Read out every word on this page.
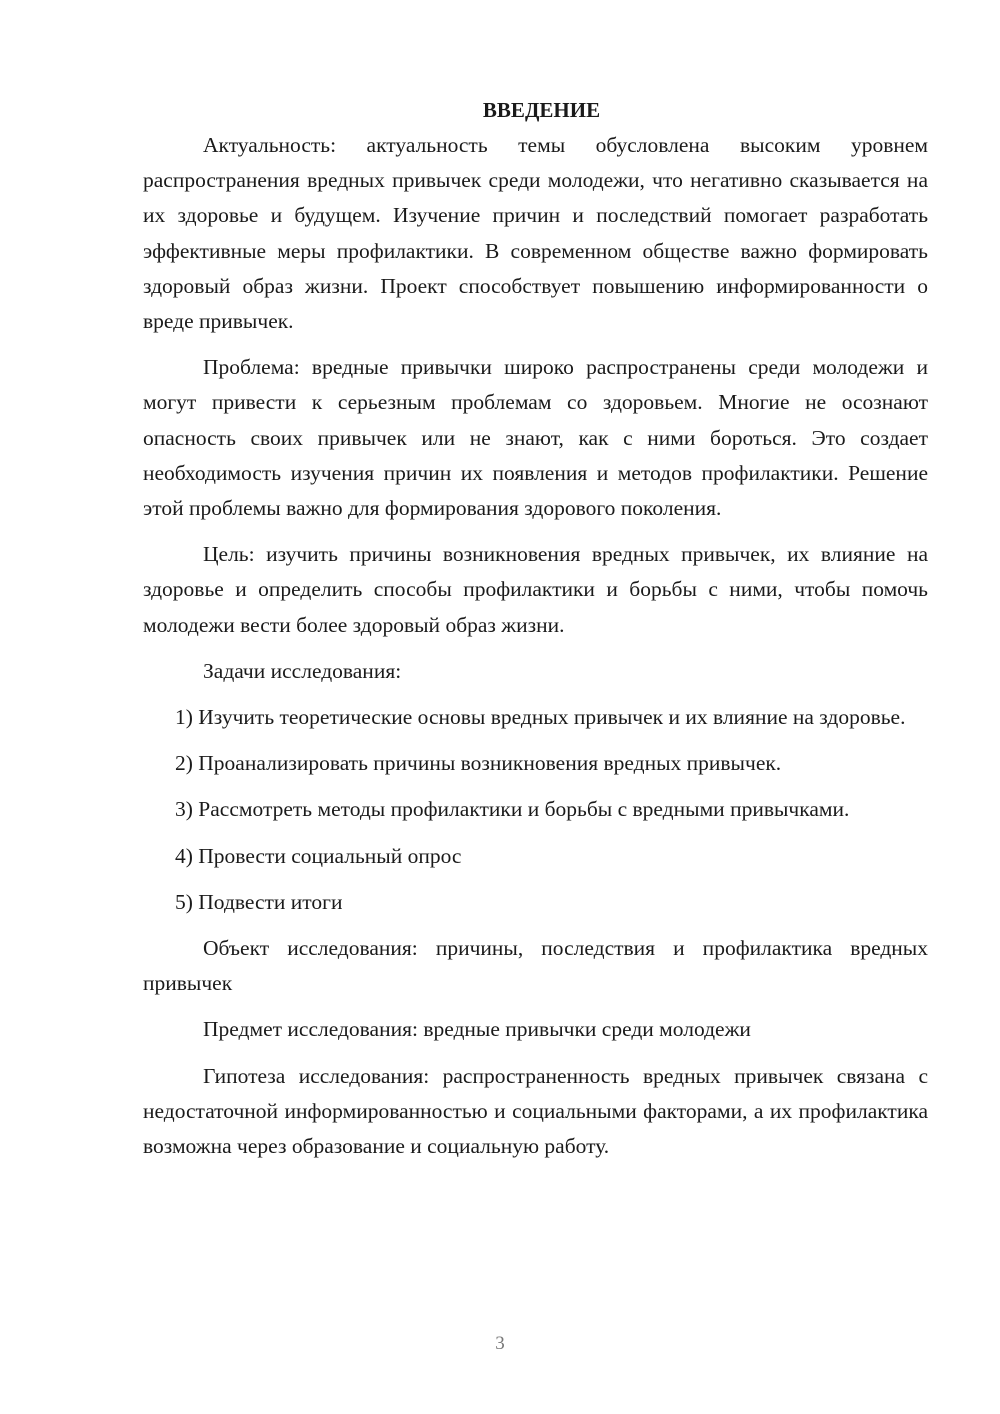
ВВЕДЕНИЕ

Актуальность: актуальность темы обусловлена высоким уровнем распространения вредных привычек среди молодежи, что негативно сказывается на их здоровье и будущем. Изучение причин и последствий помогает разработать эффективные меры профилактики. В современном обществе важно формировать здоровый образ жизни. Проект способствует повышению информированности о вреде привычек.

Проблема: вредные привычки широко распространены среди молодежи и могут привести к серьезным проблемам со здоровьем. Многие не осознают опасность своих привычек или не знают, как с ними бороться. Это создает необходимость изучения причин их появления и методов профилактики. Решение этой проблемы важно для формирования здорового поколения.

Цель: изучить причины возникновения вредных привычек, их влияние на здоровье и определить способы профилактики и борьбы с ними, чтобы помочь молодежи вести более здоровый образ жизни.

Задачи исследования:

1) Изучить теоретические основы вредных привычек и их влияние на здоровье.

2) Проанализировать причины возникновения вредных привычек.

3) Рассмотреть методы профилактики и борьбы с вредными привычками.

4) Провести социальный опрос

5) Подвести итоги

Объект исследования: причины, последствия и профилактика вредных привычек

Предмет исследования: вредные привычки среди молодежи

Гипотеза исследования: распространенность вредных привычек связана с недостаточной информированностью и социальными факторами, а их профилактика возможна через образование и социальную работу.

3
